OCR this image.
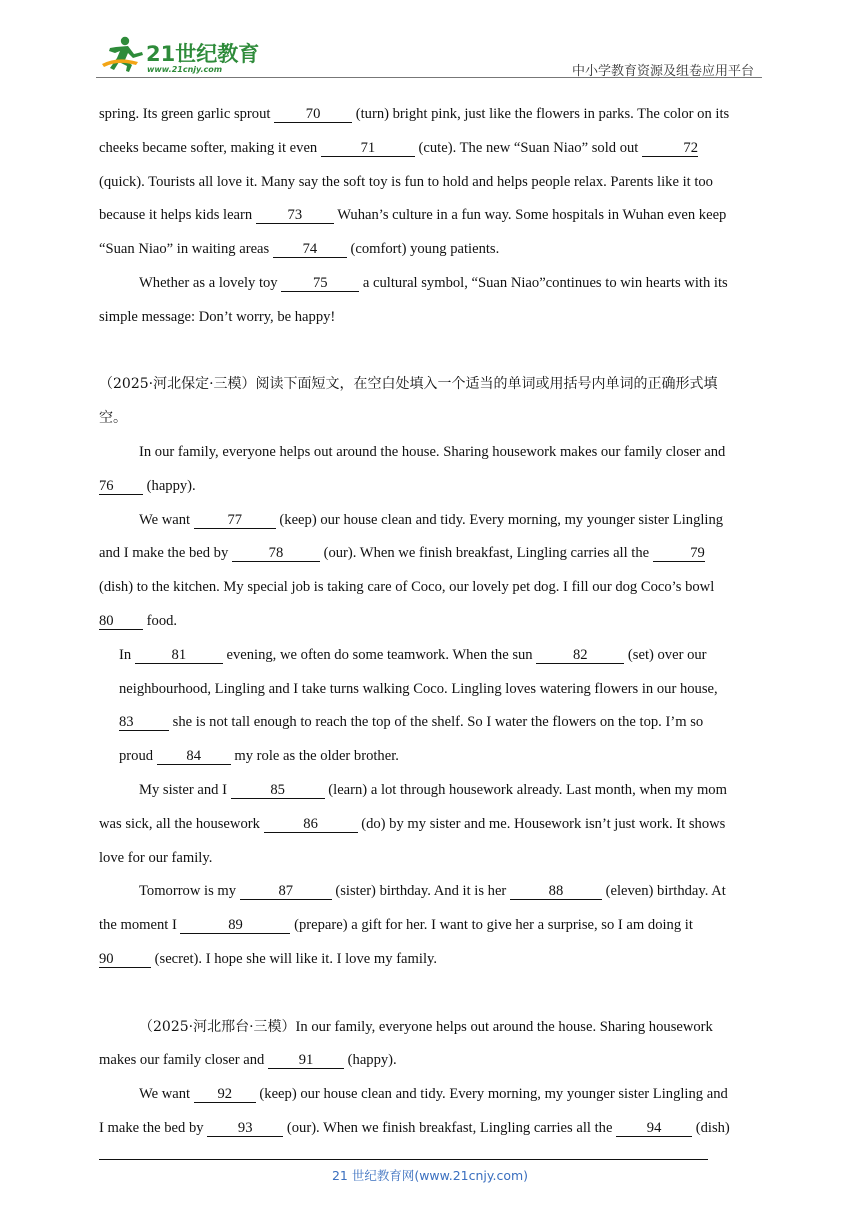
21世纪教育
www.21cnjy.com	中小学教育资源及组卷应用平台

spring. Its green garlic sprout 70 (turn) bright pink, just like the flowers in parks. The color on its

cheeks became softer, making it even	71	(cute). The new “Suan Niao” sold out	72

(quick). Tourists all love it. Many say the soft toy is fun to hold and helps people relax. Parents like it too

because it helps kids learn 73 Wuhan’s culture in a fun way. Some hospitals in Wuhan even keep

“Suan Niao” in waiting areas 74 (comfort) young patients.

Whether as a lovely toy 75 a cultural symbol, “Suan Niao”continues to win hearts with its

simple message: Don’t worry, be happy!

（2025·河北保定·三模）阅读下面短文，在空白处填入一个适当的单词或用括号内单词的正确形式填

空。

In our family, everyone helps out around the house. Sharing housework makes our family closer and

76 (happy).

We want	77	(keep) our house clean and tidy. Every morning, my younger sister Lingling

and I make the bed by	78	(our). When we finish breakfast, Lingling carries all the	79

(dish) to the kitchen. My special job is taking care of Coco, our lovely pet dog. I fill our dog Coco’s bowl

80 food.

In	81	evening, we often do some teamwork. When the sun	82	(set) over our

neighbourhood, Lingling and I take turns walking Coco. Lingling loves watering flowers in our house,

83	she is not tall enough to reach the top of the shelf. So I water the flowers on the top. I’m so

proud 84 my role as the older brother.

My sister and I	85	(learn) a lot through housework already. Last month, when my mom

was sick, all the housework	86	(do) by my sister and me. Housework isn’t just work. It shows

love for our family.

Tomorrow is my	87	(sister) birthday. And it is her	88	(eleven) birthday. At

the moment I	89	(prepare) a gift for her. I want to give her a surprise, so I am doing it

90	(secret). I hope she will like it. I love my family.

（2025·河北邢台·三模）In our family, everyone helps out around the house. Sharing housework

makes our family closer and 91 (happy).

We want 92 (keep) our house clean and tidy. Every morning, my younger sister Lingling and

I make the bed by 93 (our). When we finish breakfast, Lingling carries all the 94 (dish)

21 世纪教育网(www.21cnjy.com)
